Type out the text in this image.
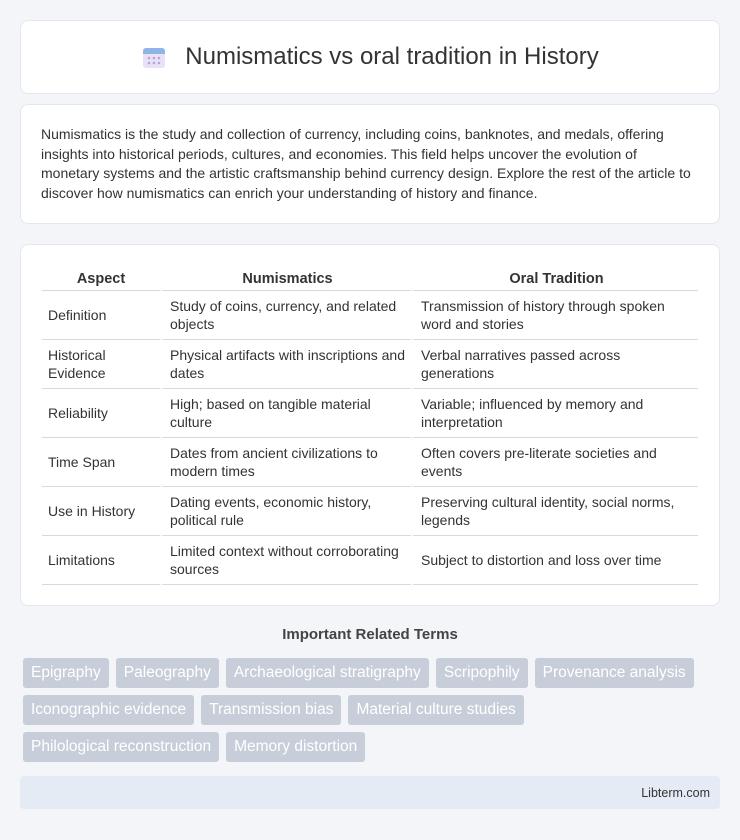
Numismatics vs oral tradition in History

Numismatics is the study and collection of currency, including coins, banknotes, and medals, offering insights into historical periods, cultures, and economies. This field helps uncover the evolution of monetary systems and the artistic craftsmanship behind currency design. Explore the rest of the article to discover how numismatics can enrich your understanding of history and finance.

Aspect	Numismatics	Oral Tradition
Definition	Study of coins, currency, and related objects	Transmission of history through spoken word and stories
Historical Evidence	Physical artifacts with inscriptions and dates	Verbal narratives passed across generations
Reliability	High; based on tangible material culture	Variable; influenced by memory and interpretation
Time Span	Dates from ancient civilizations to modern times	Often covers pre-literate societies and events
Use in History	Dating events, economic history, political rule	Preserving cultural identity, social norms, legends
Limitations	Limited context without corroborating sources	Subject to distortion and loss over time
Important Related Terms
Epigraphy	Paleography	Archaeological stratigraphy	Scripophily	Provenance analysis
Iconographic evidence	Transmission bias	Material culture studies
Philological reconstruction	Memory distortion
Libterm.com
